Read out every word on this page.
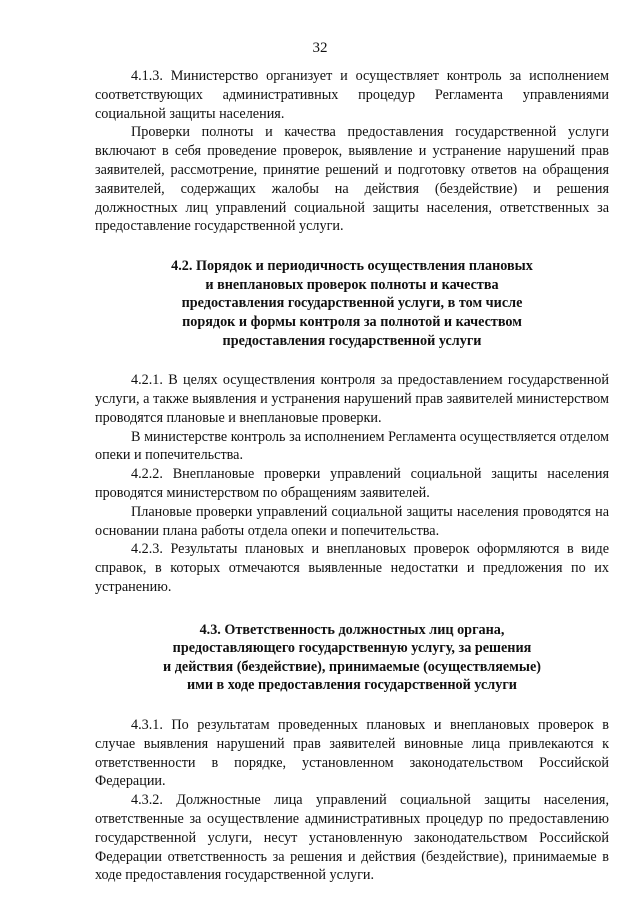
32

4.1.3. Министерство организует и осуществляет контроль за исполнением соответствующих административных процедур Регламента управлениями социальной защиты населения.

Проверки полноты и качества предоставления государственной услуги включают в себя проведение проверок, выявление и устранение нарушений прав заявителей, рассмотрение, принятие решений и подготовку ответов на обращения заявителей, содержащих жалобы на действия (бездействие) и решения должностных лиц управлений социальной защиты населения, ответственных за предоставление государственной услуги.

4.2. Порядок и периодичность осуществления плановых
и внеплановых проверок полноты и качества
предоставления государственной услуги, в том числе
порядок и формы контроля за полнотой и качеством
предоставления государственной услуги

4.2.1. В целях осуществления контроля за предоставлением государственной услуги, а также выявления и устранения нарушений прав заявителей министерством проводятся плановые и внеплановые проверки.

В министерстве контроль за исполнением Регламента осуществляется отделом опеки и попечительства.

4.2.2. Внеплановые проверки управлений социальной защиты населения проводятся министерством по обращениям заявителей.

Плановые проверки управлений социальной защиты населения проводятся на основании плана работы отдела опеки и попечительства.

4.2.3. Результаты плановых и внеплановых проверок оформляются в виде справок, в которых отмечаются выявленные недостатки и предложения по их устранению.

4.3. Ответственность должностных лиц органа,
предоставляющего государственную услугу, за решения
и действия (бездействие), принимаемые (осуществляемые)
ими в ходе предоставления государственной услуги

4.3.1. По результатам проведенных плановых и внеплановых проверок в случае выявления нарушений прав заявителей виновные лица привлекаются к ответственности в порядке, установленном законодательством Российской Федерации.

4.3.2. Должностные лица управлений социальной защиты населения, ответственные за осуществление административных процедур по предоставлению государственной услуги, несут установленную законодательством Российской Федерации ответственность за решения и действия (бездействие), принимаемые в ходе предоставления государственной услуги.
